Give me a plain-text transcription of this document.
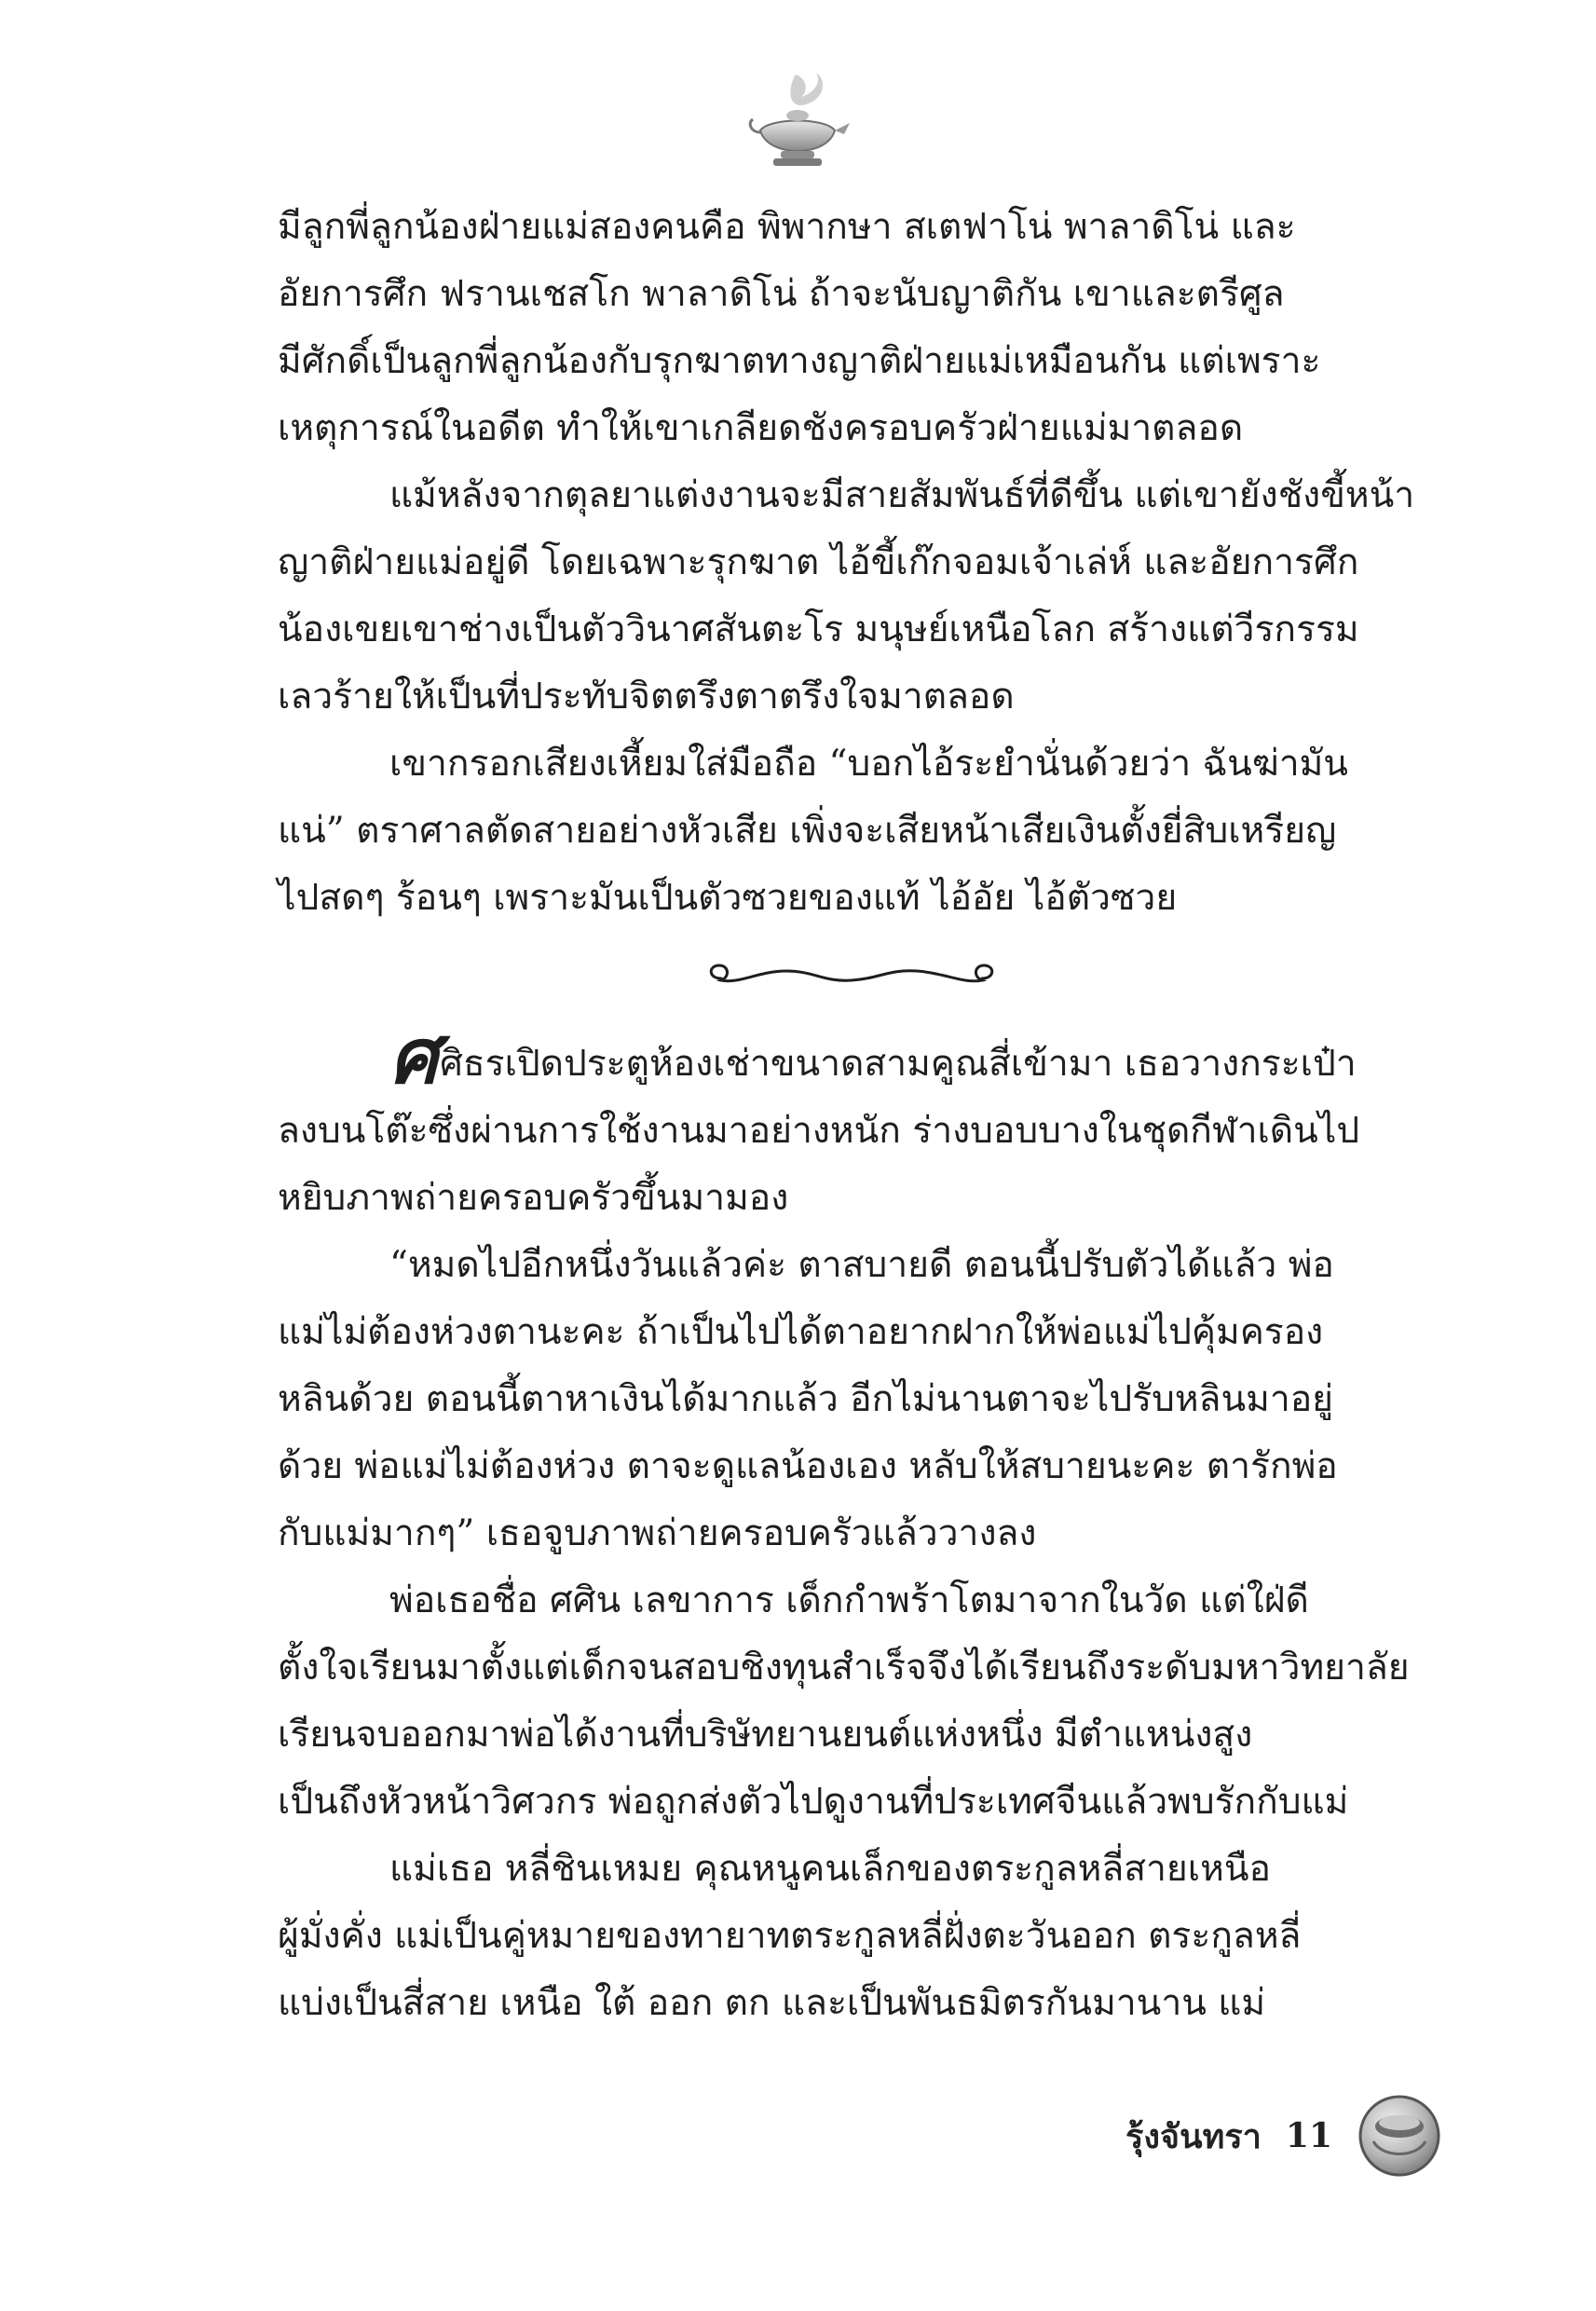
มีลูกพี่ลูกน้องฝ่ายแม่สองคนคือ พิพากษา สเตฟาโน่ พาลาดิโน่ และ
อัยการศึก ฟรานเชสโก พาลาดิโน่ ถ้าจะนับญาติกัน เขาและตรีศูล
มีศักดิ์เป็นลูกพี่ลูกน้องกับรุกฆาตทางญาติฝ่ายแม่เหมือนกัน แต่เพราะ
เหตุการณ์ในอดีต ทำให้เขาเกลียดชังครอบครัวฝ่ายแม่มาตลอด

แม้หลังจากตุลยาแต่งงานจะมีสายสัมพันธ์ที่ดีขึ้น แต่เขายังชังขี้หน้า
ญาติฝ่ายแม่อยู่ดี โดยเฉพาะรุกฆาต ไอ้ขี้เก๊กจอมเจ้าเล่ห์ และอัยการศึก
น้องเขยเขาช่างเป็นตัววินาศสันตะโร มนุษย์เหนือโลก สร้างแต่วีรกรรม
เลวร้ายให้เป็นที่ประทับจิตตรึงตาตรึงใจมาตลอด

เขากรอกเสียงเหี้ยมใส่มือถือ “บอกไอ้ระยำนั่นด้วยว่า ฉันฆ่ามัน
แน่” ตราศาลตัดสายอย่างหัวเสีย เพิ่งจะเสียหน้าเสียเงินตั้งยี่สิบเหรียญ
ไปสดๆ ร้อนๆ เพราะมันเป็นตัวซวยของแท้ ไอ้อัย ไอ้ตัวซวย

ศศิธรเปิดประตูห้องเช่าขนาดสามคูณสี่เข้ามา เธอวางกระเป๋า
ลงบนโต๊ะซึ่งผ่านการใช้งานมาอย่างหนัก ร่างบอบบางในชุดกีฬาเดินไป
หยิบภาพถ่ายครอบครัวขึ้นมามอง

“หมดไปอีกหนึ่งวันแล้วค่ะ ตาสบายดี ตอนนี้ปรับตัวได้แล้ว พ่อ
แม่ไม่ต้องห่วงตานะคะ ถ้าเป็นไปได้ตาอยากฝากให้พ่อแม่ไปคุ้มครอง
หลินด้วย ตอนนี้ตาหาเงินได้มากแล้ว อีกไม่นานตาจะไปรับหลินมาอยู่
ด้วย พ่อแม่ไม่ต้องห่วง ตาจะดูแลน้องเอง หลับให้สบายนะคะ ตารักพ่อ
กับแม่มากๆ” เธอจูบภาพถ่ายครอบครัวแล้ววางลง

พ่อเธอชื่อ ศศิน เลขาการ เด็กกำพร้าโตมาจากในวัด แต่ใฝ่ดี
ตั้งใจเรียนมาตั้งแต่เด็กจนสอบชิงทุนสำเร็จจึงได้เรียนถึงระดับมหาวิทยาลัย
เรียนจบออกมาพ่อได้งานที่บริษัทยานยนต์แห่งหนึ่ง มีตำแหน่งสูง
เป็นถึงหัวหน้าวิศวกร พ่อถูกส่งตัวไปดูงานที่ประเทศจีนแล้วพบรักกับแม่

แม่เธอ หลี่ชินเหมย คุณหนูคนเล็กของตระกูลหลี่สายเหนือ
ผู้มั่งคั่ง แม่เป็นคู่หมายของทายาทตระกูลหลี่ฝั่งตะวันออก ตระกูลหลี่
แบ่งเป็นสี่สาย เหนือ ใต้ ออก ตก และเป็นพันธมิตรกันมานาน แม่

รุ้งจันทรา 11
